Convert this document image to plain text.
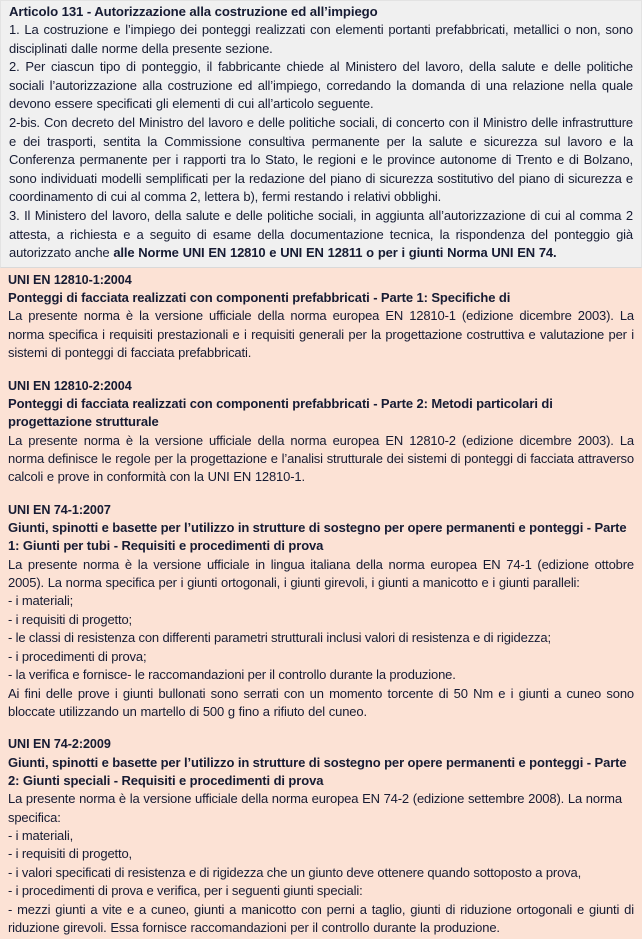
Articolo 131 - Autorizzazione alla costruzione ed all’impiego

1. La costruzione e l’impiego dei ponteggi realizzati con elementi portanti prefabbricati, metallici o non, sono disciplinati dalle norme della presente sezione.

2. Per ciascun tipo di ponteggio, il fabbricante chiede al Ministero del lavoro, della salute e delle politiche sociali l’autorizzazione alla costruzione ed all’impiego, corredando la domanda di una relazione nella quale devono essere specificati gli elementi di cui all’articolo seguente.

2-bis. Con decreto del Ministro del lavoro e delle politiche sociali, di concerto con il Ministro delle infrastrutture e dei trasporti, sentita la Commissione consultiva permanente per la salute e sicurezza sul lavoro e la Conferenza permanente per i rapporti tra lo Stato, le regioni e le province autonome di Trento e di Bolzano, sono individuati modelli semplificati per la redazione del piano di sicurezza sostitutivo del piano di sicurezza e coordinamento di cui al comma 2, lettera b), fermi restando i relativi obblighi.

3. Il Ministero del lavoro, della salute e delle politiche sociali, in aggiunta all’autorizzazione di cui al comma 2 attesta, a richiesta e a seguito di esame della documentazione tecnica, la rispondenza del ponteggio già autorizzato anche alle Norme UNI EN 12810 e UNI EN 12811 o per i giunti Norma UNI EN 74.

UNI EN 12810-1:2004
Ponteggi di facciata realizzati con componenti prefabbricati - Parte 1: Specifiche di

La presente norma è la versione ufficiale della norma europea EN 12810-1 (edizione dicembre 2003). La norma specifica i requisiti prestazionali e i requisiti generali per la progettazione costruttiva e valutazione per i sistemi di ponteggi di facciata prefabbricati.

UNI EN 12810-2:2004
Ponteggi di facciata realizzati con componenti prefabbricati - Parte 2: Metodi particolari di progettazione strutturale

La presente norma è la versione ufficiale della norma europea EN 12810-2 (edizione dicembre 2003). La norma definisce le regole per la progettazione e l’analisi strutturale dei sistemi di ponteggi di facciata attraverso calcoli e prove in conformità con la UNI EN 12810-1.

UNI EN 74-1:2007
Giunti, spinotti e basette per l’utilizzo in strutture di sostegno per opere permanenti e ponteggi - Parte 1: Giunti per tubi - Requisiti e procedimenti di prova

La presente norma è la versione ufficiale in lingua italiana della norma europea EN 74-1 (edizione ottobre 2005). La norma specifica per i giunti ortogonali, i giunti girevoli, i giunti a manicotto e i giunti paralleli:

- i materiali;
- i requisiti di progetto;
- le classi di resistenza con differenti parametri strutturali inclusi valori di resistenza e di rigidezza;
- i procedimenti di prova;
- la verifica e fornisce- le raccomandazioni per il controllo durante la produzione.

Ai fini delle prove i giunti bullonati sono serrati con un momento torcente di 50 Nm e i giunti a cuneo sono bloccate utilizzando un martello di 500 g fino a rifiuto del cuneo.

UNI EN 74-2:2009
Giunti, spinotti e basette per l’utilizzo in strutture di sostegno per opere permanenti e ponteggi - Parte 2: Giunti speciali - Requisiti e procedimenti di prova

La presente norma è la versione ufficiale della norma europea EN 74-2 (edizione settembre 2008). La norma specifica:

- i materiali,
- i requisiti di progetto,
- i valori specificati di resistenza e di rigidezza che un giunto deve ottenere quando sottoposto a prova,
- i procedimenti di prova e verifica, per i seguenti giunti speciali:

- mezzi giunti a vite e a cuneo, giunti a manicotto con perni a taglio, giunti di riduzione ortogonali e giunti di riduzione girevoli. Essa fornisce raccomandazioni per il controllo durante la produzione.
